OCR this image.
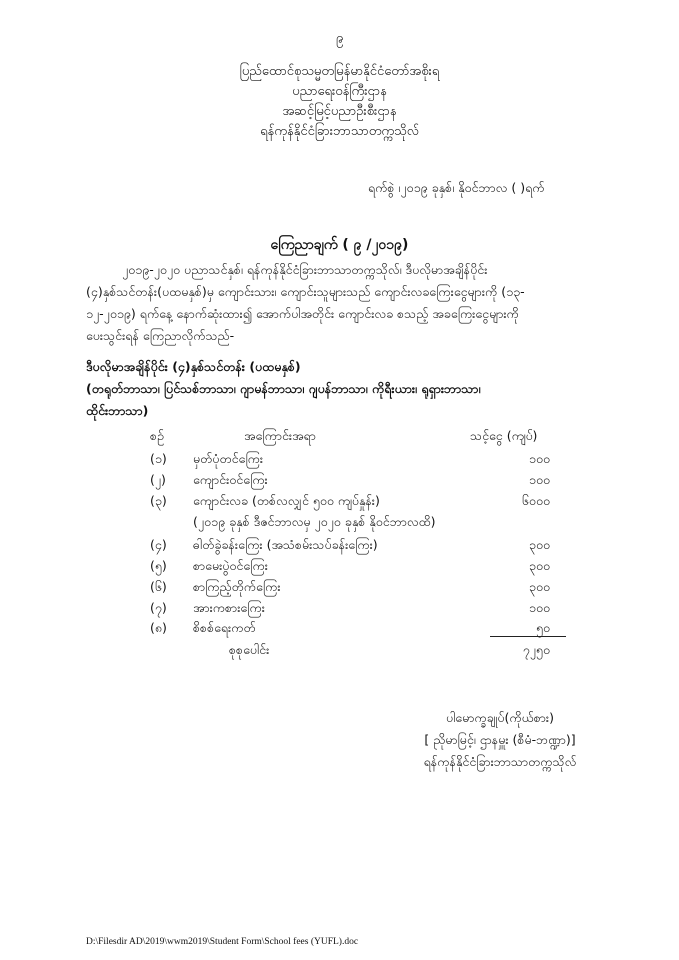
၉
ပြည်ထောင်စုသမ္မတမြန်မာနိုင်ငံတော်အစိုးရ
ပညာရေးဝန်ကြီးဌာန
အဆင့်မြင့်ပညာဦးစီးဌာန
ရန်ကုန်နိုင်ငံခြားဘာသာတက္ကသိုလ်
ရက်စွဲ ၊၂၀၁၉ ခုနှစ်၊ နိုဝင်ဘာလ ( )ရက်
ကြေညာချက် ( ၉ /၂၀၁၉)
၂၀၁၉-၂၀၂၀ ပညာသင်နှစ်၊ ရန်ကုန်နိုင်ငံခြားဘာသာတက္ကသိုလ်၊ ဒီပလိုမာအချိန်ပိုင်း
(၄)နှစ်သင်တန်း(ပထမနှစ်)မှ ကျောင်းသား၊ ကျောင်းသူများသည် ကျောင်းလခကြေးငွေများကို (၁၃-
၁၂-၂၀၁၉) ရက်နေ့ နောက်ဆုံးထား၍ အောက်ပါအတိုင်း ကျောင်းလခ စသည့် အခကြေးငွေများကို
ပေးသွင်းရန် ကြေညာလိုက်သည်-
ဒီပလိုမာအချိန်ပိုင်း (၄)နှစ်သင်တန်း (ပထမနှစ်)
(တရုတ်ဘာသာ၊ ပြင်သစ်ဘာသာ၊ ဂျာမန်ဘာသာ၊ ဂျပန်ဘာသာ၊ ကိုရီးယား၊ ရုရှားဘာသာ၊
ထိုင်းဘာသာ)
စဉ်	အကြောင်းအရာ	သင့်ငွေ (ကျပ်)
(၁) မှတ်ပုံတင်ကြေး	၁၀၀
(၂) ကျောင်းဝင်ကြေး	၁၀၀
(၃) ကျောင်းလခ (တစ်လလျှင် ၅၀၀ ကျပ်နှုန်း)	၆၀၀၀
(၂၀၁၉ ခုနှစ် ဒီဇင်ဘာလမှ ၂၀၂၀ ခုနှစ် နိုဝင်ဘာလထိ)
(၄) ဓါတ်ခွဲခန်းကြေး (အသံစမ်းသပ်ခန်းကြေး)	၃၀၀
(၅) စာမေးပွဲဝင်ကြေး	၃၀၀
(၆) စာကြည့်တိုက်ကြေး	၃၀၀
(၇) အားကစားကြေး	၁၀၀
(၈) စိစစ်ရေးကတ်	၅၀
စုစုပေါင်း	၇၂၅၀
ပါမောက္ခချုပ်(ကိုယ်စား)
[ ညိုမာမြင့်၊ ဌာနမှူး (စီမံ-ဘဏ္ဍာ)]
ရန်ကုန်နိုင်ငံခြားဘာသာတက္ကသိုလ်
D:\Filesdir AD\2019\wwm2019\Student Form\School fees (YUFL).doc
